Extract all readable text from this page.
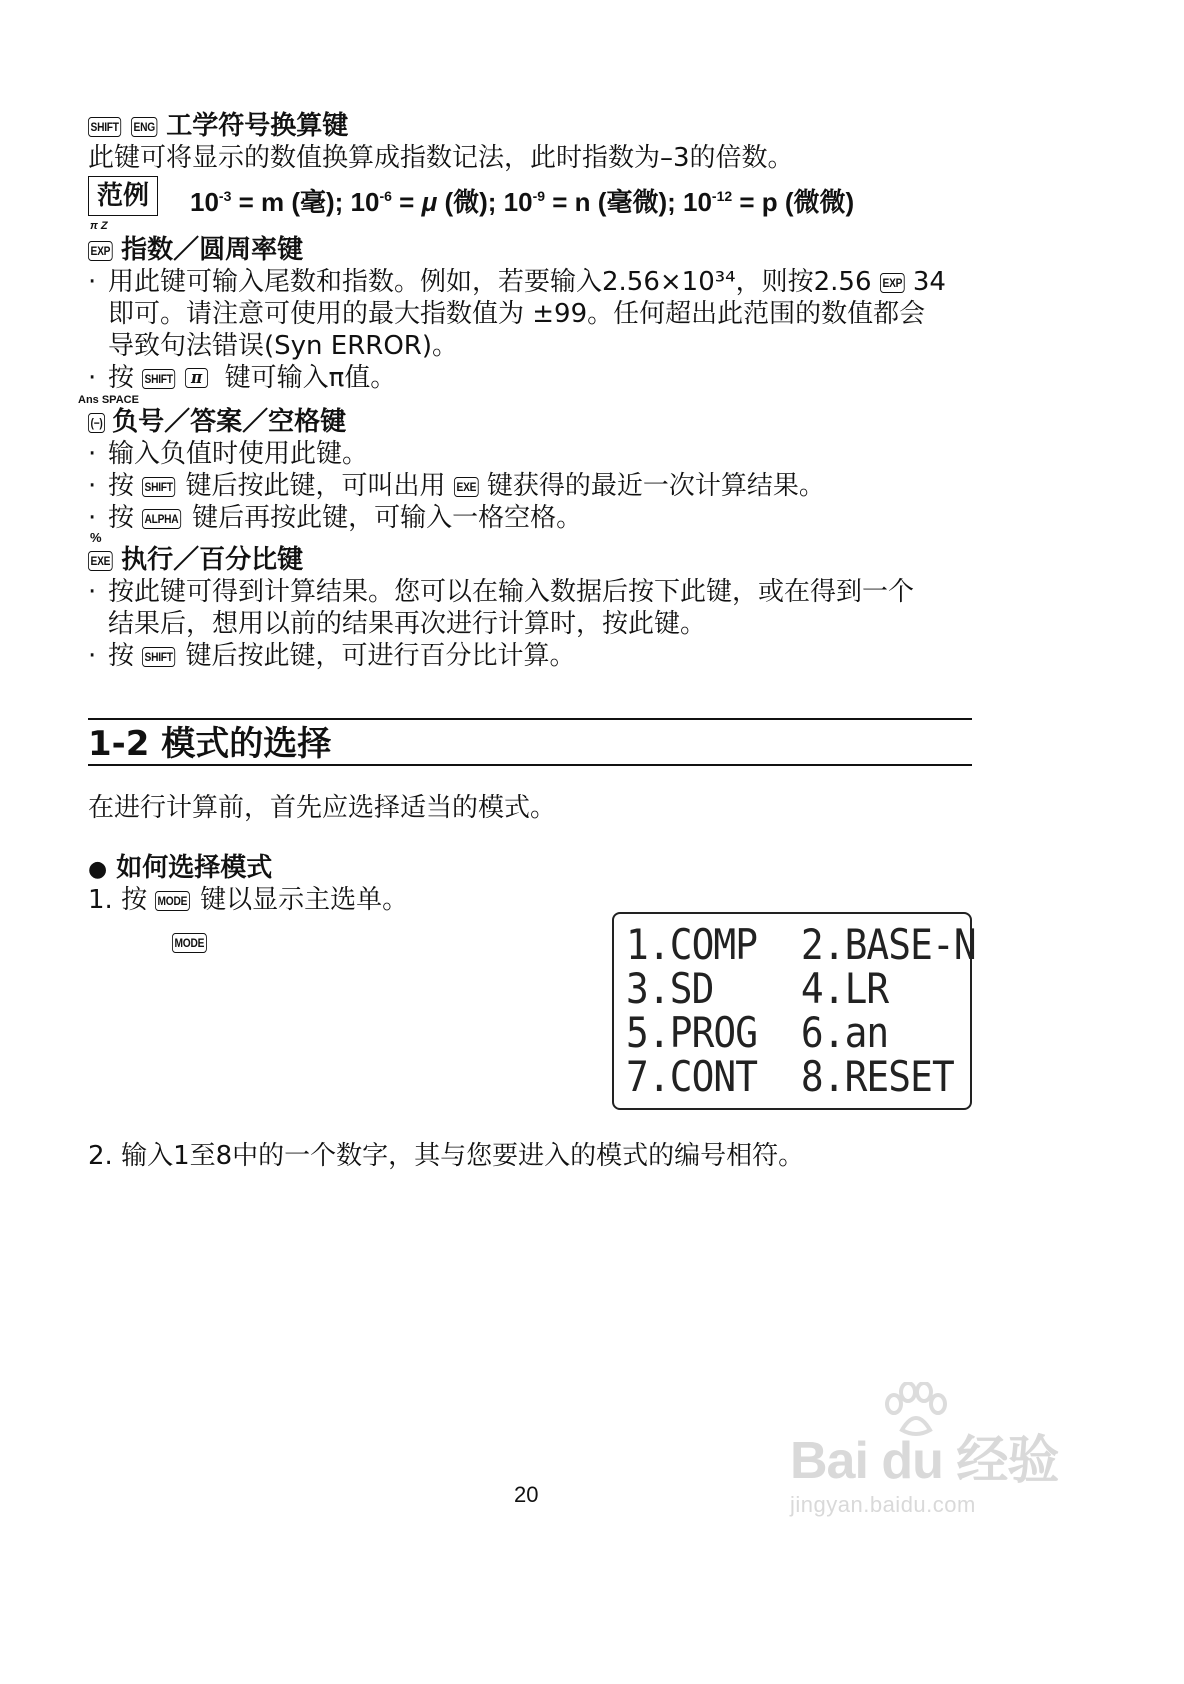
SHIFT ENG 工学符号换算键
此键可将显示的数值换算成指数记法，此时指数为–3的倍数。
范例	$10^{-3} = m$ (毫); $10^{-6} = \mu$ (微); $10^{-9} = n$ (毫微); $10^{-12} = p$ (微微)
π Z
EXP 指数／圆周率键
· 用此键可输入尾数和指数。例如，若要输入2.56×10³⁴，则按2.56 EXP 34
即可。请注意可使用的最大指数值为 ±99。任何超出此范围的数值都会
导致句法错误(Syn ERROR)。
· 按 SHIFT π 键可输入π值。
Ans SPACE
(−) 负号／答案／空格键
· 输入负值时使用此键。
· 按 SHIFT 键后按此键，可叫出用 EXE 键获得的最近一次计算结果。
· 按 ALPHA 键后再按此键，可输入一格空格。
%
EXE 执行／百分比键
· 按此键可得到计算结果。您可以在输入数据后按下此键，或在得到一个
结果后，想用以前的结果再次进行计算时，按此键。
· 按 SHIFT 键后按此键，可进行百分比计算。
1-2 模式的选择
在进行计算前，首先应选择适当的模式。
● 如何选择模式
1. 按 MODE 键以显示主选单。
MODE	1.COMP  2.BASE-N
3.SD    4.LR
5.PROG  6.an
7.CONT  8.RESET
2. 输入1至8中的一个数字，其与您要进入的模式的编号相符。
20
Bai du 经验
jingyan.baidu.com
